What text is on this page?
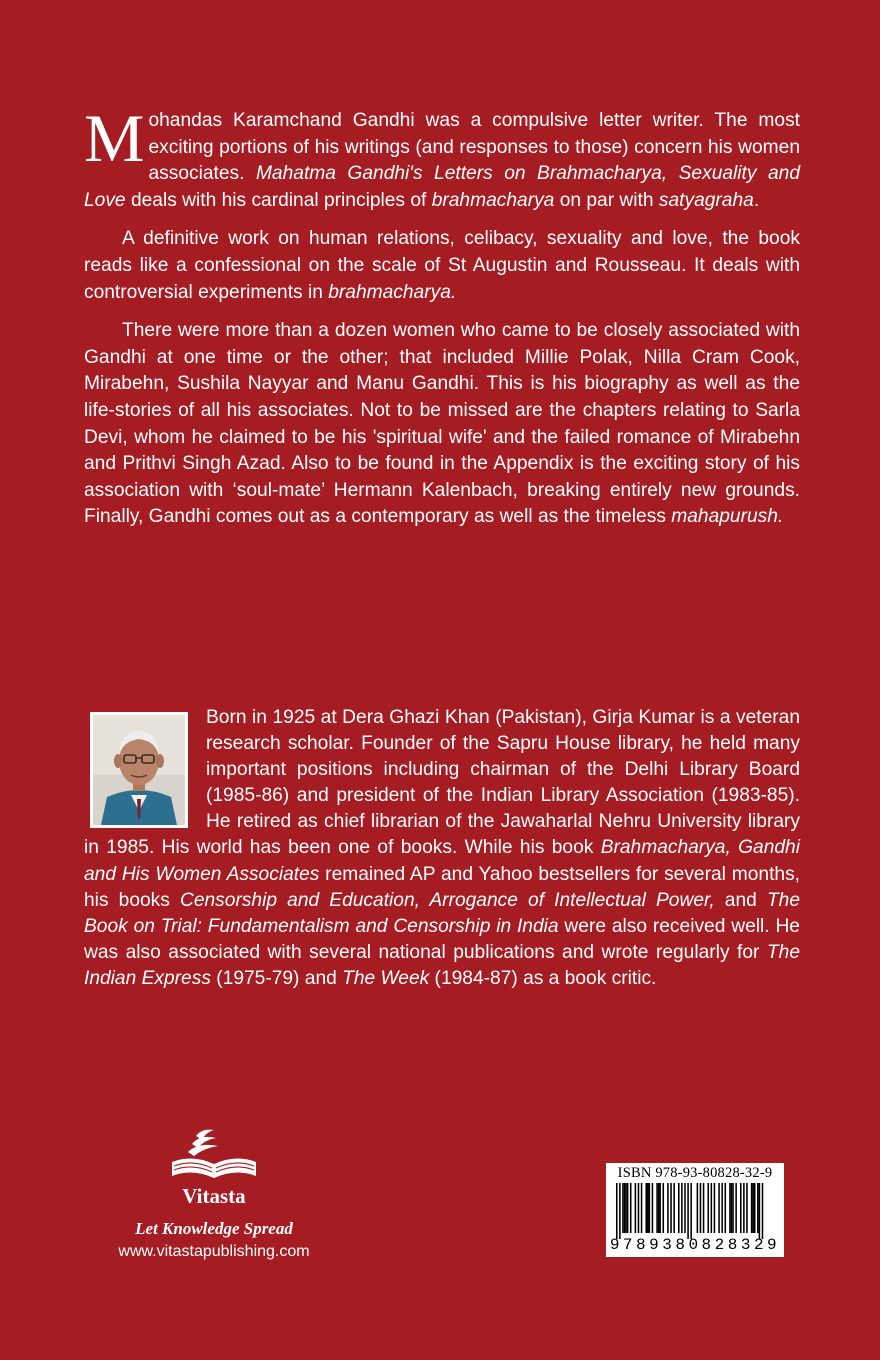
Mohandas Karamchand Gandhi was a compulsive letter writer. The most exciting portions of his writings (and responses to those) concern his women associates. Mahatma Gandhi's Letters on Brahmacharya, Sexuality and Love deals with his cardinal principles of brahmacharya on par with satyagraha.

A definitive work on human relations, celibacy, sexuality and love, the book reads like a confessional on the scale of St Augustin and Rousseau. It deals with controversial experiments in brahmacharya.

There were more than a dozen women who came to be closely associated with Gandhi at one time or the other; that included Millie Polak, Nilla Cram Cook, Mirabehn, Sushila Nayyar and Manu Gandhi. This is his biography as well as the life-stories of all his associates. Not to be missed are the chapters relating to Sarla Devi, whom he claimed to be his 'spiritual wife' and the failed romance of Mirabehn and Prithvi Singh Azad. Also to be found in the Appendix is the exciting story of his association with ‘soul-mate’ Hermann Kalenbach, breaking entirely new grounds. Finally, Gandhi comes out as a contemporary as well as the timeless mahapurush.

Born in 1925 at Dera Ghazi Khan (Pakistan), Girja Kumar is a veteran research scholar. Founder of the Sapru House library, he held many important positions including chairman of the Delhi Library Board (1985-86) and president of the Indian Library Association (1983-85). He retired as chief librarian of the Jawaharlal Nehru University library in 1985. His world has been one of books. While his book Brahmacharya, Gandhi and His Women Associates remained AP and Yahoo bestsellers for several months, his books Censorship and Education, Arrogance of Intellectual Power, and The Book on Trial: Fundamentalism and Censorship in India were also received well. He was also associated with several national publications and wrote regularly for The Indian Express (1975-79) and The Week (1984-87) as a book critic.
Vitasta
Let Knowledge Spread
www.vitastapublishing.com
ISBN 978-93-80828-32-9
9789380828329
